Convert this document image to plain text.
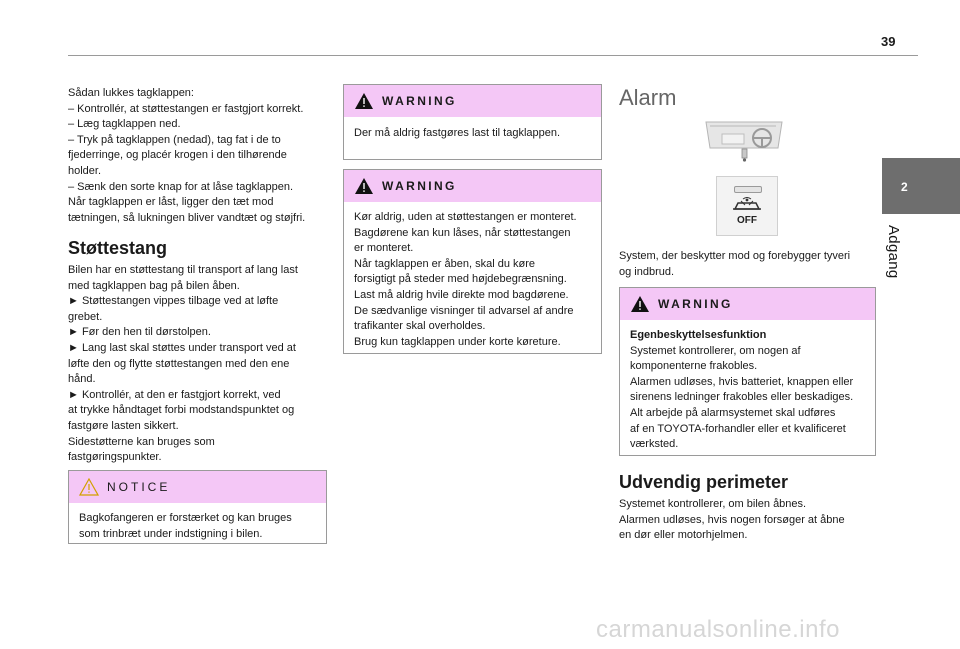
39
2
Adgang

Sådan lukkes tagklappen:

– Kontrollér, at støttestangen er fastgjort korrekt.

– Læg tagklappen ned.

– Tryk på tagklappen (nedad), tag fat i de to

fjederringe, og placér krogen i den tilhørende

holder.

– Sænk den sorte knap for at låse tagklappen.

Når tagklappen er låst, ligger den tæt mod

tætningen, så lukningen bliver vandtæt og støjfri.

Støttestang

Bilen har en støttestang til transport af lang last

med tagklappen bag på bilen åben.

► Støttestangen vippes tilbage ved at løfte

grebet.

► Før den hen til dørstolpen.

► Lang last skal støttes under transport ved at

løfte den og flytte støttestangen med den ene

hånd.

► Kontrollér, at den er fastgjort korrekt, ved

at trykke håndtaget forbi modstandspunktet og

fastgøre lasten sikkert.

Sidestøtterne kan bruges som

fastgøringspunkter.

NOTICE

Bagkofangeren er forstærket og kan bruges

som trinbræt under indstigning i bilen.

WARNING

Der må aldrig fastgøres last til tagklappen.

WARNING

Kør aldrig, uden at støttestangen er monteret.

Bagdørene kan kun låses, når støttestangen

er monteret.

Når tagklappen er åben, skal du køre

forsigtigt på steder med højdebegrænsning.

Last må aldrig hvile direkte mod bagdørene.

De sædvanlige visninger til advarsel af andre

trafikanter skal overholdes.

Brug kun tagklappen under korte køreture.

Alarm
OFF

System, der beskytter mod og forebygger tyveri

og indbrud.

WARNING

Egenbeskyttelsesfunktion

Systemet kontrollerer, om nogen af

komponenterne frakobles.

Alarmen udløses, hvis batteriet, knappen eller

sirenens ledninger frakobles eller beskadiges.

Alt arbejde på alarmsystemet skal udføres

af en TOYOTA-forhandler eller et kvalificeret

værksted.

Udvendig perimeter

Systemet kontrollerer, om bilen åbnes.

Alarmen udløses, hvis nogen forsøger at åbne

en dør eller motorhjelmen.

carmanualsonline.info
